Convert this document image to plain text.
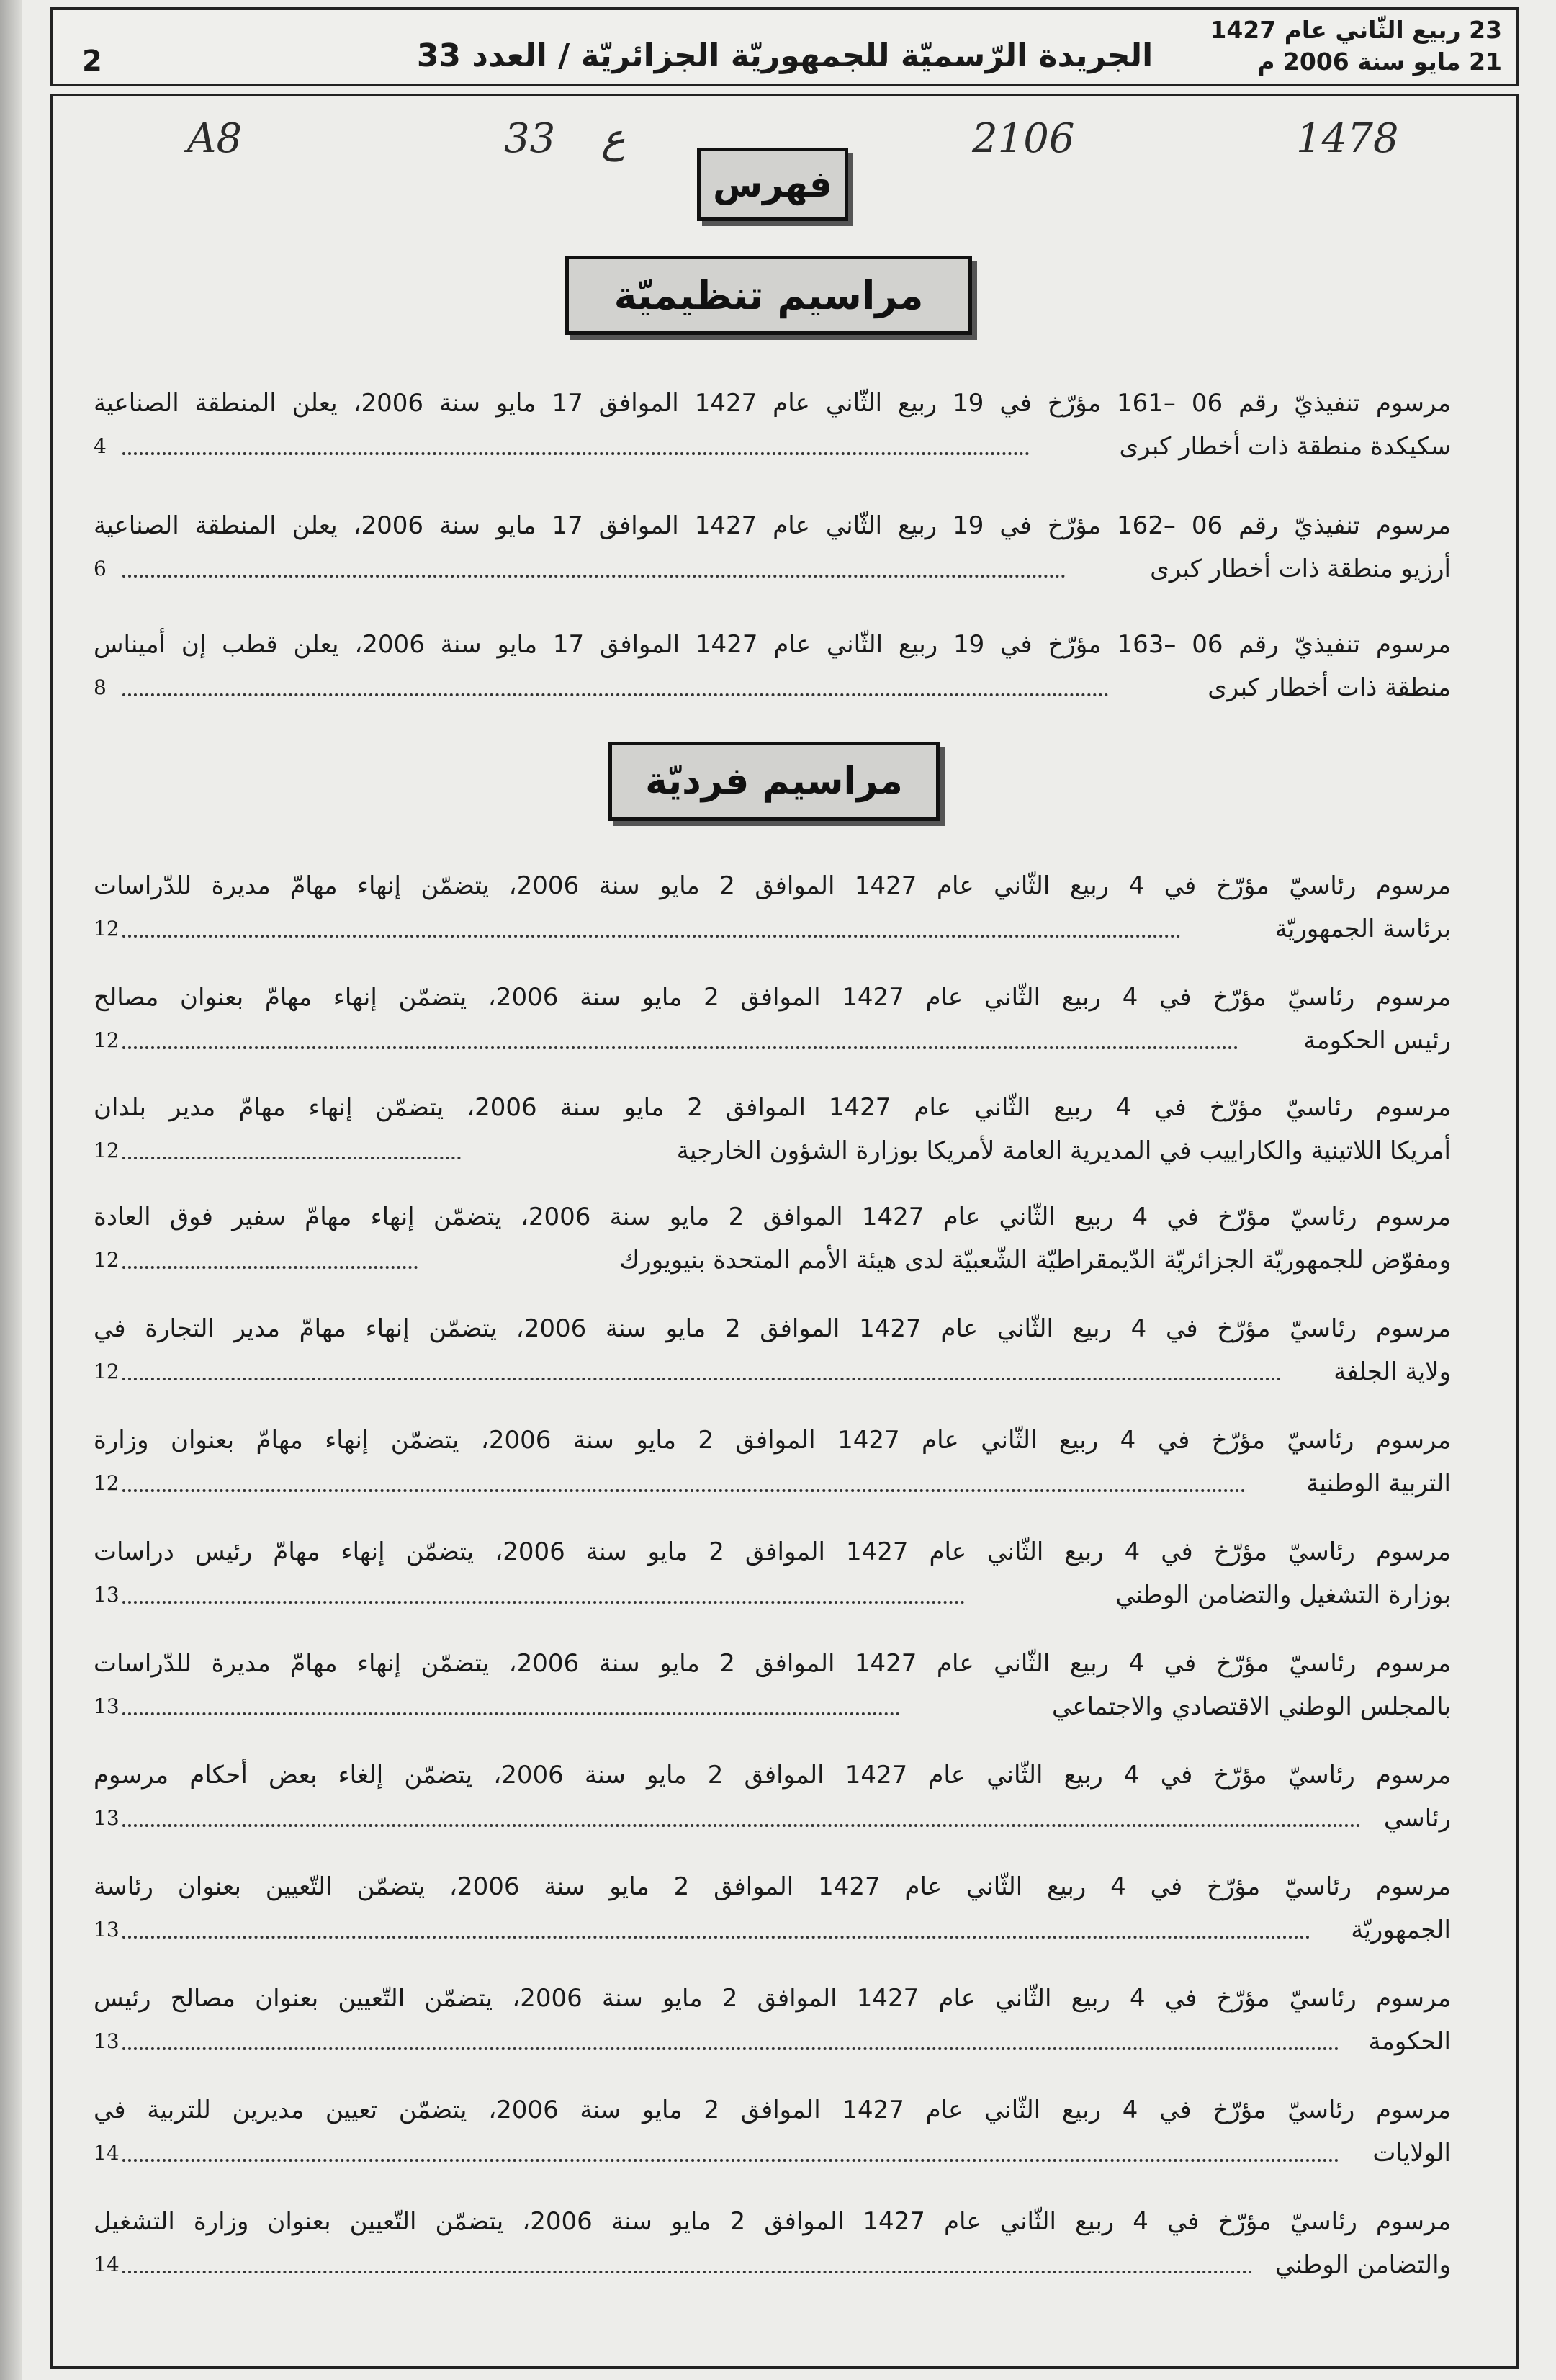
2	الجريدة الرّسميّة للجمهوريّة الجزائريّة / العدد 33
23 ربيع الثّاني عام 1427
21 مايو سنة 2006 م
1478
2106
ع
33
A8
فهرس
مراسيم تنظيميّة
مرسوم تنفيذيّ رقم 06 –161 مؤرّخ في 19 ربيع الثّاني عام 1427 الموافق 17 مايو سنة 2006، يعلن المنطقة الصناعية
4	سكيكدة منطقة ذات أخطار كبرى
مرسوم تنفيذيّ رقم 06 –162 مؤرّخ في 19 ربيع الثّاني عام 1427 الموافق 17 مايو سنة 2006، يعلن المنطقة الصناعية
6	أرزيو منطقة ذات أخطار كبرى
مرسوم تنفيذيّ رقم 06 –163 مؤرّخ في 19 ربيع الثّاني عام 1427 الموافق 17 مايو سنة 2006، يعلن قطب إن أميناس
8	منطقة ذات أخطار كبرى
مراسيم فرديّة
مرسوم رئاسيّ مؤرّخ في 4 ربيع الثّاني عام 1427 الموافق 2 مايو سنة 2006، يتضمّن إنهاء مهامّ مديرة للدّراسات
12	برئاسة الجمهوريّة
مرسوم رئاسيّ مؤرّخ في 4 ربيع الثّاني عام 1427 الموافق 2 مايو سنة 2006، يتضمّن إنهاء مهامّ بعنوان مصالح
12	رئيس الحكومة
مرسوم رئاسيّ مؤرّخ في 4 ربيع الثّاني عام 1427 الموافق 2 مايو سنة 2006، يتضمّن إنهاء مهامّ مدير بلدان
12	أمريكا اللاتينية والكاراييب في المديرية العامة لأمريكا بوزارة الشؤون الخارجية
مرسوم رئاسيّ مؤرّخ في 4 ربيع الثّاني عام 1427 الموافق 2 مايو سنة 2006، يتضمّن إنهاء مهامّ سفير فوق العادة
12	ومفوّض للجمهوريّة الجزائريّة الدّيمقراطيّة الشّعبيّة لدى هيئة الأمم المتحدة بنيويورك
مرسوم رئاسيّ مؤرّخ في 4 ربيع الثّاني عام 1427 الموافق 2 مايو سنة 2006، يتضمّن إنهاء مهامّ مدير التجارة في
12	ولاية الجلفة
مرسوم رئاسيّ مؤرّخ في 4 ربيع الثّاني عام 1427 الموافق 2 مايو سنة 2006، يتضمّن إنهاء مهامّ بعنوان وزارة
12	التربية الوطنية
مرسوم رئاسيّ مؤرّخ في 4 ربيع الثّاني عام 1427 الموافق 2 مايو سنة 2006، يتضمّن إنهاء مهامّ رئيس دراسات
13	بوزارة التشغيل والتضامن الوطني
مرسوم رئاسيّ مؤرّخ في 4 ربيع الثّاني عام 1427 الموافق 2 مايو سنة 2006، يتضمّن إنهاء مهامّ مديرة للدّراسات
13	بالمجلس الوطني الاقتصادي والاجتماعي
مرسوم رئاسيّ مؤرّخ في 4 ربيع الثّاني عام 1427 الموافق 2 مايو سنة 2006، يتضمّن إلغاء بعض أحكام مرسوم
13	رئاسي
مرسوم رئاسيّ مؤرّخ في 4 ربيع الثّاني عام 1427 الموافق 2 مايو سنة 2006، يتضمّن التّعيين بعنوان رئاسة
13	الجمهوريّة
مرسوم رئاسيّ مؤرّخ في 4 ربيع الثّاني عام 1427 الموافق 2 مايو سنة 2006، يتضمّن التّعيين بعنوان مصالح رئيس
13	الحكومة
مرسوم رئاسيّ مؤرّخ في 4 ربيع الثّاني عام 1427 الموافق 2 مايو سنة 2006، يتضمّن تعيين مديرين للتربية في
14	الولايات
مرسوم رئاسيّ مؤرّخ في 4 ربيع الثّاني عام 1427 الموافق 2 مايو سنة 2006، يتضمّن التّعيين بعنوان وزارة التشغيل
14	والتضامن الوطني
